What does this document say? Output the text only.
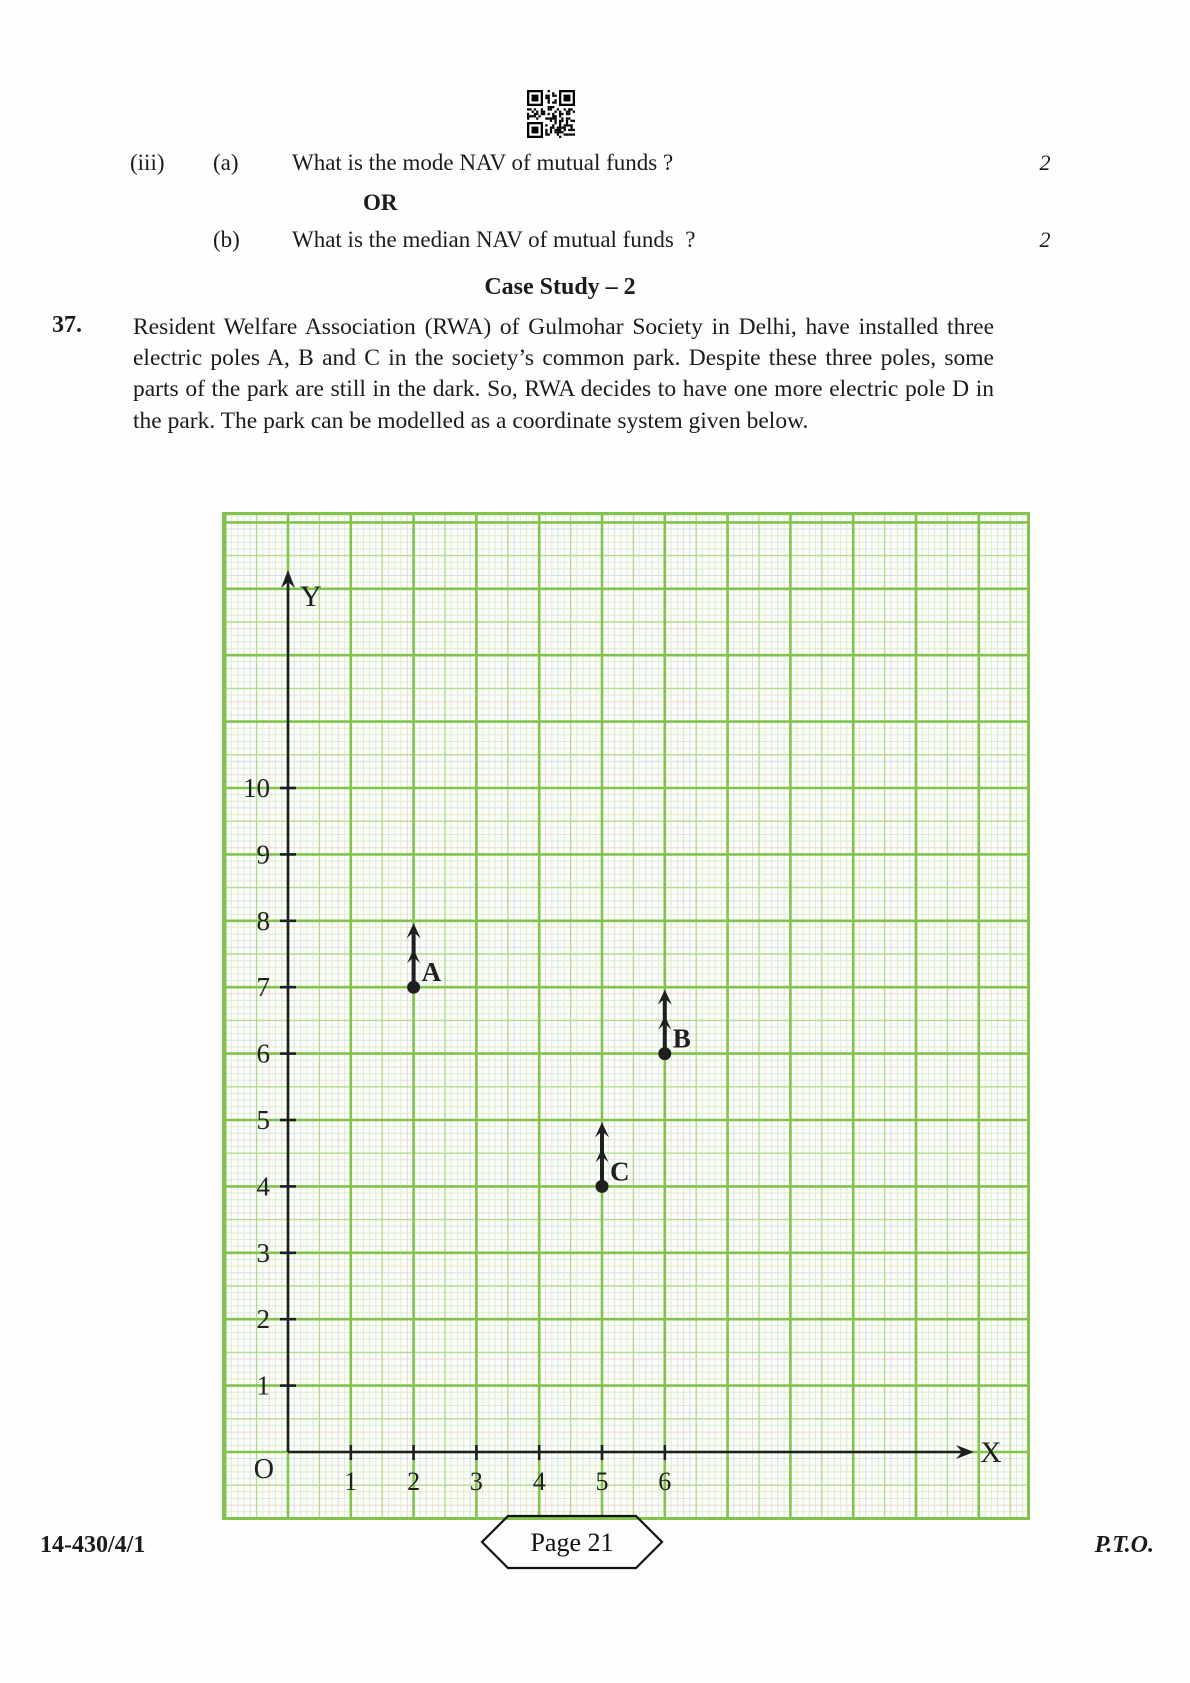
(iii) (a) What is the mode NAV of mutual funds ?	2
OR
(b) What is the median NAV of mutual funds  ?	2
Case Study – 2
37. Resident Welfare Association (RWA) of Gulmohar Society in Delhi, have installed three electric poles A, B and C in the society’s common park. Despite these three poles, some parts of the park are still in the dark. So, RWA decides to have one more electric pole D in the park. The park can be modelled as a coordinate system given below.
Y
X
O	1 2 3 4 5 6
1
2
3
4
5
6
7
8
9
10
A
B
C
14-430/4/1	Page 21	P.T.O.
